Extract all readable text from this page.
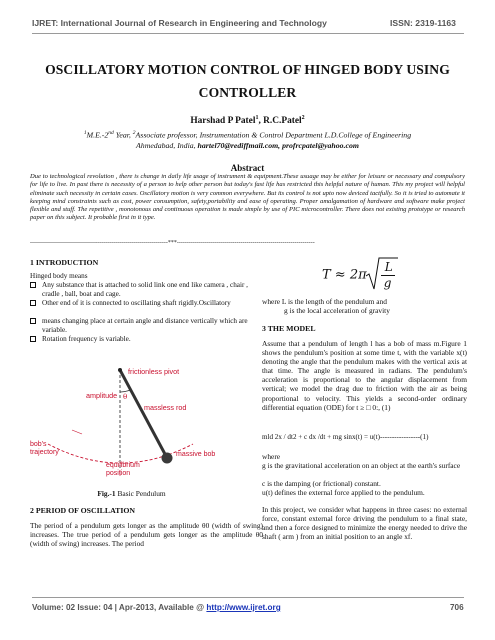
IJRET: International Journal of Research in Engineering and Technology	ISSN: 2319-1163
OSCILLATORY MOTION CONTROL OF HINGED BODY USING
CONTROLLER
Harshad P Patel$^1$, R.C.Patel$^2$
$^1$M.E.-2nd Year, $^2$Associate professor, Instrumentation & Control Department L.D.College of Engineering
Ahmedabad, India, hartel70@rediffmail.com, profrcpatel@yahoo.com
Abstract
Due to technological revolution , there is change in daily life usage of instrument & equipment.These usuage may be either for leisure or necessary and compulsory for life to live. In past there is necessity of a person to help other person but today's fast life has restricted this helpful nature of human. This my project will helpful eliminate such necessity in certain cases. Oscillatory motion is very common everywhere. But its control is not upto now deviced tactfully. So it is tried to automate it keeping mind constraints such as cost, power consumption, safety,portability and ease of operating. Proper amalgamation of hardware and software make project flexible and stuff. The repetitive , monotonous and continuous operation is made simple by use of PIC microcontroller. There does not existing prototype or research paper on this subject. It probable first in it type.
---------------------------------------------------------------------***---------------------------------------------------------------------
1 INTRODUCTION
Hinged body means
Any substance that is attached to solid link one end like camera , chair , cradle , ball, boat and cage.
Other end of it is connected to oscillating shaft rigidly.Oscillatory
means changing place at certain angle and distance vertically which are variable.
Rotation frequency is variable.
frictionless pivot
amplitude θ
massless rod
bob's
trajectory
equilibrium
position
massive bob
Fig.-1 Basic Pendulum
2 PERIOD OF OSCILLATION
The period of a pendulum gets longer as the amplitude θ0 (width of swing) increases. The true period of a pendulum gets longer as the amplitude θ0 (width of swing) increases. The period
$T \approx 2\pi \frac{L}{g}$
where L is the length of the pendulum and
g is the local acceleration of gravity
3 THE MODEL
Assume that a pendulum of length l has a bob of mass m.Figure 1 shows the pendulum's position at some time t, with the variable x(t) denoting the angle that the pendulum makes with the vertical axis at that time. The angle is measured in radians. The pendulum's acceleration is proportional to the angular displacement from vertical; we model the drag due to friction with the air as being proportional to velocity. This yields a second-order ordinary differential equation (ODE) for t ≥ □ 0:, (1)
mld 2x / dt2 + c dx /dt + mg sinx(t) = u(t)-----------------(1)
where
g is the gravitational acceleration on an object at the earth's surface
c is the damping (or frictional) constant.
u(t) defines the external force applied to the pendulum.
In this project, we consider what happens in three cases: no external force, constant external force driving the pendulum to a final state, and then a force designed to minimize the energy needed to drive the shaft ( arm ) from an initial position to an angle xf.
Volume: 02 Issue: 04 | Apr-2013, Available @ http://www.ijret.org	706
